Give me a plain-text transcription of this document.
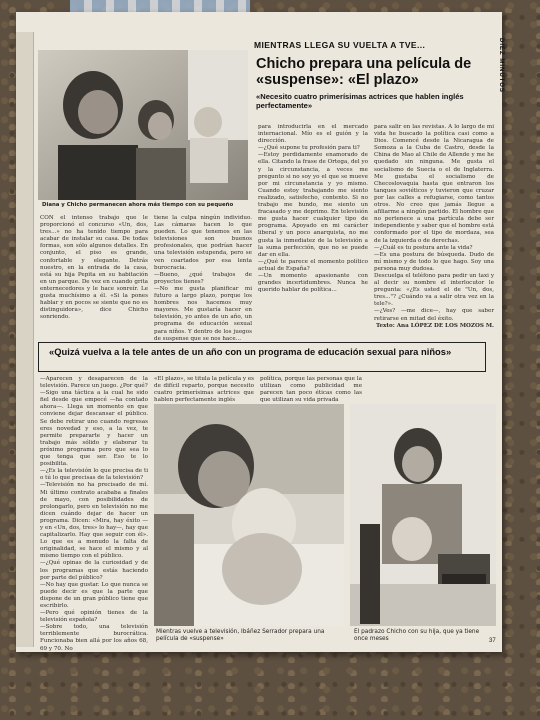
Diana y Chicho permanecen ahora más tiempo con su pequeño
MIENTRAS LLEGA SU VUELTA A TVE...	DIEZ MINUTOS
Chicho prepara una película de «suspense»: «El plazo»
«Necesito cuatro primerísimas actrices que hablen inglés perfectamente»
CON el intenso trabajo que le proporcionó el concurso «Un, dos, tres...» no ha tenido tiempo para acabar de instalar su casa. De todas formas, son sólo algunos detalles. En conjunto, el piso es grande, confortable y elegante. Detrás nuestro, en la entrada de la casa, está su hija Pepita en su habitación en un parque. De vez en cuando grita enternecedores y le hace sonreír. Le gusta muchísimo a él. «Si la pones hablar y en pocos se siente que no es distinguidora», dice Chicho sonriendo.

tiene la culpa ningún individuo. Las cámaras hacen lo que pueden. Lo que tenemos en las televisiones son buenos profesionales, que podrían hacer una televisión estupenda, pero se ven coartados por esa lenta burocracia.

—Bueno, ¿qué trabajos de proyectos tienes?

—No me gusta planificar mi futuro a largo plazo, porque los hombres nos hacemos muy mayores. Me gustaría hacer en televisión, yo antes de un año, un programa de educación sexual para niños. Y dentro de los juegos de suspense que se nos hace...

para introducirla en el mercado internacional. Mío es el guión y la dirección.

—¿Qué supone tu profesión para ti?

—Estoy perdidamente enamorado de ella. Citando la frase de Ortega, del yo y la circunstancia, a veces me pregunto si no soy yo el que se mueve por mi circunstancia y yo mismo. Cuando estoy trabajando me siento realizado, satisfecho, contento. Si no trabajo me hundo, me siento un fracasado y me deprimo. En televisión me gusta hacer cualquier tipo de programa. Apoyado en mi carácter liberal y un poco anarquista, no me gusta la inmediatez de la televisión a la suma perfección, que no se puede dar en ella.

—¿Qué te parece el momento político actual de España?

—Un momento apasionante con grandes incertidumbres. Nunca he querido hablar de política...

para salir en las revistas. A lo largo de mi vida he buscado la política casi como a Dios. Comencé desde la Nicaragua de Somoza a la Cuba de Castro, desde la China de Mao al Chile de Allende y me he quedado sin ninguna. Me gusta el socialismo de Suecia o el de Inglaterra. Me gustaba el socialismo de Checoslovaquia hasta que entraron los tanques soviéticos y tuvieron que cruzar por las calles a refugiarse, como tantos otros. No creo que jamás llegue a afiliarme a ningún partido. El hombre que no pertenece a una partícula debe ser independiente y saber que el hombre está conformado por el tipo de mordaza, sea de la izquierda o de derechas.

—¿Cuál es tu postura ante la vida?

—Es una postura de búsqueda. Dudo de mí mismo y de todo lo que hago. Soy una persona muy dudosa.

Descuelga el teléfono para pedir un taxi y al decir su nombre el interlocutor le pregunta: «¿Es usted el de "Un, dos, tres..."? ¿Cuándo va a salir otra vez en la tele?».

—¿Ves? —me dice—, hay que saber retirarse en mitad del éxito.

Texto: Ana LÓPEZ DE LOS MOZOS M.

«Quizá vuelva a la tele antes de un año con un programa de educación sexual para niños»
—Aparecen y desaparecen de la televisión. Parece un juego. ¿Por qué?
—Sigo una táctica a la cual he sido fiel desde que empecé —ha contado ahora—. Llega un momento en que conviene dejar descansar el público. Se debe retirar uno cuando regresas eres novedad y eso, a la vez, te permite prepararte y hacer un trabajo más sólido y elaborar tu próximo programa pero que sea lo que tenga que ser. Eso te lo posibilita.
—¿Es la televisión lo que precisa de ti o tú lo que precisas de la televisión?
—Televisión no ha precisado de mí. Mi último contrato acababa a finales de mayo, con posibilidades de prolongarlo, pero en televisión no me dicen cuándo dejar de hacer un programa. Dicen: «Mira, hay éxito —y en «Un, dos, tres» lo hay—, hay que capitalizarlo. Hay que seguir con él». Lo que es a menudo la falta de originalidad, se hace el mismo y al mismo tiempo con el público.
—¿Qué opinas de la curiosidad y de los programas que estás haciendo por parte del público?
—No hay que gustar. Lo que nunca se puede decir es que la parte que dispone de un gran público tiene que escribirlo.
—Pero qué opinión tienes de la televisión española?
—Sobre todo, una televisión terriblemente burocrática. Funcionaba bien allá por los años 68, 69 y 70. No
«El plazo», se titula la película y es de difícil reparto, porque necesito cuatro primerísimas actrices que hablen perfectamente inglés
política, porque las personas que la utilizan como publicidad me parecen tan poco éticas como las que utilizan su vida privada
Mientras vuelve a televisión, Ibáñez Serrador prepara una película de «suspense»
El padrazo Chicho con su hija, que ya tiene once meses	37
